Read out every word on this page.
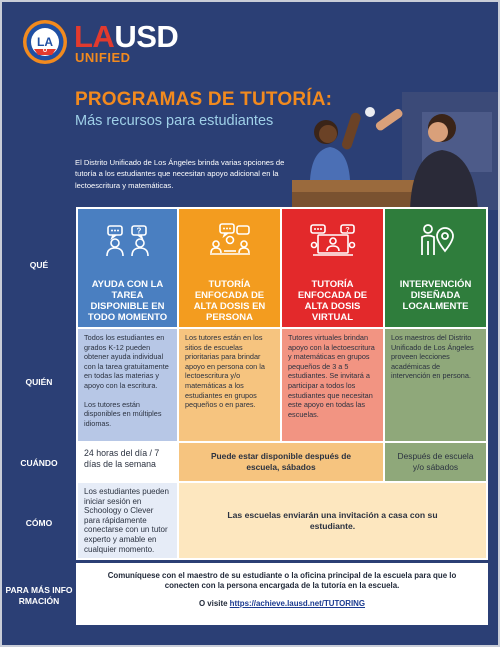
LA
U LAUSD
UNIFIED
PROGRAMAS DE TUTORÍA:
Más recursos para estudiantes
El Distrito Unificado de Los Ángeles brinda varias opciones de tutoría a los estudiantes que necesitan apoyo adicional en la lectoescritura y matemáticas.
QUÉ
QUIÉN
CUÁNDO
CÓMO
PARA MÁS INFORMACIÓN
?
AYUDA CON LA TAREA DISPONIBLE EN TODO MOMENTO
TUTORÍA ENFOCADA DE ALTA DOSIS EN PERSONA
?
TUTORÍA ENFOCADA DE ALTA DOSIS VIRTUAL
INTERVENCIÓN DISEÑADA LOCALMENTE
Todos los estudiantes en grados K-12 pueden obtener ayuda individual con la tarea gratuitamente en todas las materias y apoyo con la escritura.
Los tutores están disponibles en múltiples idiomas.
Los tutores están en los sitios de escuelas prioritarias para brindar apoyo en persona con la lectoescritura y/o matemáticas a los estudiantes en grupos pequeños o en pares.
Tutores virtuales brindan apoyo con la lectoescritura y matemáticas en grupos pequeños de 3 a 5 estudiantes. Se invitará a participar a todos los estudiantes que necesitan este apoyo en todas las escuelas.
Los maestros del Distrito Unificado de Los Ángeles proveen lecciones académicas de intervención en persona.
24 horas del día / 7 días de la semana
Puede estar disponible después de escuela, sábados
Después de escuela y/o sábados
Los estudiantes pueden iniciar sesión en Schoology o Clever para rápidamente conectarse con un tutor experto y amable en cualquier momento.
Las escuelas enviarán una invitación a casa con su estudiante.
Comuníquese con el maestro de su estudiante o la oficina principal de la escuela para que lo conecten con la persona encargada de la tutoría en la escuela.
O visite https://achieve.lausd.net/TUTORING
